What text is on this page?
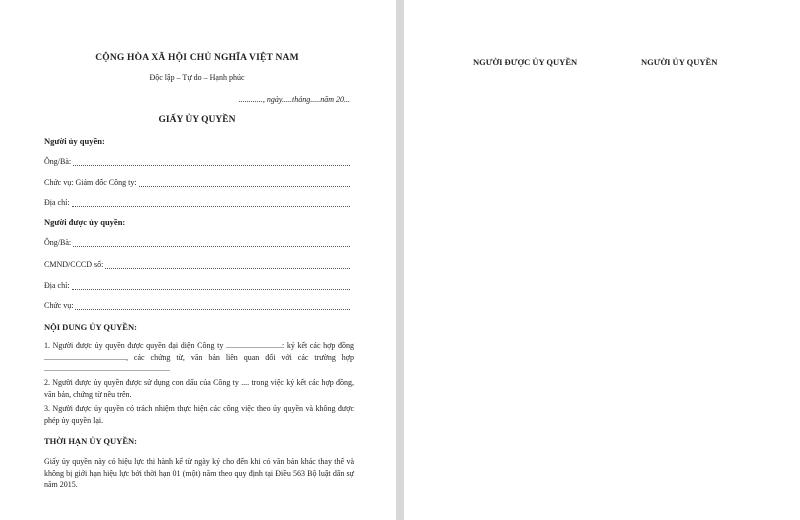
CỘNG HÒA XÃ HỘI CHỦ NGHĨA VIỆT NAM
Độc lập – Tự do – Hạnh phúc
............, ngày.....tháng.....năm 20...
GIẤY ỦY QUYỀN
Người ủy quyền:
Ông/Bà:
Chức vụ: Giám đốc Công ty:
Địa chỉ:
Người được ủy quyền:
Ông/Bà:
CMND/CCCD số:
Địa chỉ:
Chức vụ:
NỘI DUNG ỦY QUYỀN:
1. Người được ủy quyền được quyền đại diện Công ty ............................: ký kết các hợp đồng ........................................., các chứng từ, văn bản liên quan đối với các trường hợp ...............................................................
2. Người được ủy quyền được sử dụng con dấu của Công ty .... trong việc ký kết các hợp đồng, văn bản, chứng từ nêu trên.
3. Người được ủy quyền có trách nhiệm thực hiện các công việc theo ủy quyền và không được phép ủy quyền lại.
THỜI HẠN ỦY QUYỀN:
Giấy ủy quyền này có hiệu lực thi hành kể từ ngày ký cho đến khi có văn bản khác thay thế và không bị giới hạn hiệu lực bởi thời hạn 01 (một) năm theo quy định tại Điều 563 Bộ luật dân sự năm 2015.
NGƯỜI ĐƯỢC ỦY QUYỀN	NGƯỜI ỦY QUYỀN
